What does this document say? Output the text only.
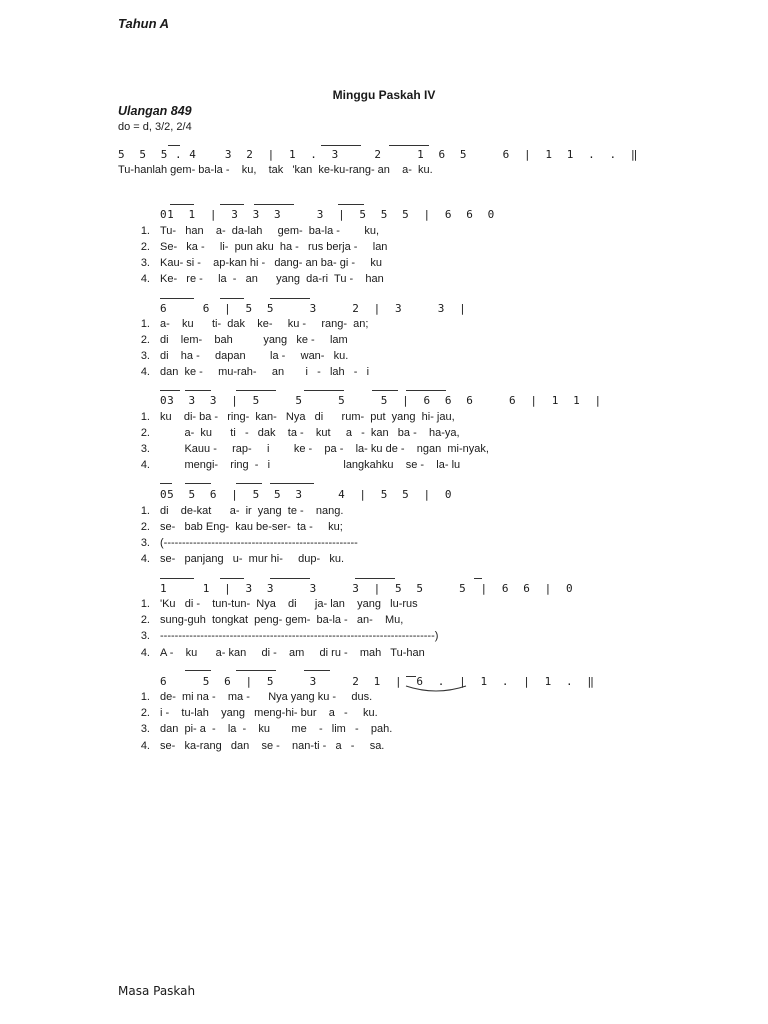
Tahun A
Minggu Paskah IV
Ulangan 849
do = d, 3/2, 2/4
5  5  5 . 4    3  2  |  1  .  3     2     1  6  5     6  |  1  1  .  .  ‖
Tu-hanlah gem- ba-la -    ku,    tak   'kan  ke-ku-rang- an    a-  ku.
01  1  |  3  3  3     3  |  5  5  5  |  6  6  0
1. Tu-   han    a-  da-lah     gem-  ba-la -        ku,
2. Se-   ka -     li-  pun aku  ha -   rus berja -     lan
3. Kau- si -    ap-kan hi -   dang- an ba- gi -     ku
4. Ke-   re -     la  -   an      yang  da-ri  Tu -    han
6     6  |  5  5     3     2  |  3     3  |
1. a-    ku      ti-  dak    ke-     ku -     rang-  an;
2. di    lem-    bah          yang   ke -     lam
3. di    ha -     dapan        la -     wan-   ku.
4. dan  ke -     mu-rah-     an       i   -   lah   -   i
03  3  3  |  5     5     5     5  |  6  6  6     6  |  1  1  |
1. ku    di- ba -   ring-  kan-   Nya   di      rum-  put  yang  hi- jau,
2. a-  ku      ti   -   dak    ta -    kut     a   -  kan   ba -    ha-ya,
3. Kauu -     rap-     i        ke -    pa -    la- ku de -    ngan  mi-nyak,
4. mengi-    ring  -   i                        langkahku    se -    la- lu
05  5  6  |  5  5  3     4  |  5  5  |  0
1. di    de-kat      a-  ir  yang  te -    nang.
2. se-   bab Eng-  kau be-ser-  ta -     ku;
3. (-----------------------------------------------------
4. se-   panjang   u-  mur hi-     dup-   ku.
1     1  |  3  3     3     3  |  5  5     5  |  6  6  |  0
1. 'Ku   di -    tun-tun-  Nya    di      ja- lan    yang   lu-rus
2. sung-guh  tongkat  peng- gem-  ba-la -   an-    Mu,
3. ---------------------------------------------------------------------------)
4. A -    ku      a- kan     di -    am     di ru -    mah   Tu-han
6     5  6  |  5     3     2  1  |  6  .  |  1  .  |  1  .  ‖
1. de-  mi na -    ma -      Nya yang ku -     dus.
2. i -    tu-lah    yang   meng-hi- bur    a   -     ku.
3. dan  pi- a  -    la  -    ku       me    -   lim   -    pah.
4. se-   ka-rang   dan    se -    nan-ti -   a   -     sa.
Masa Paskah
